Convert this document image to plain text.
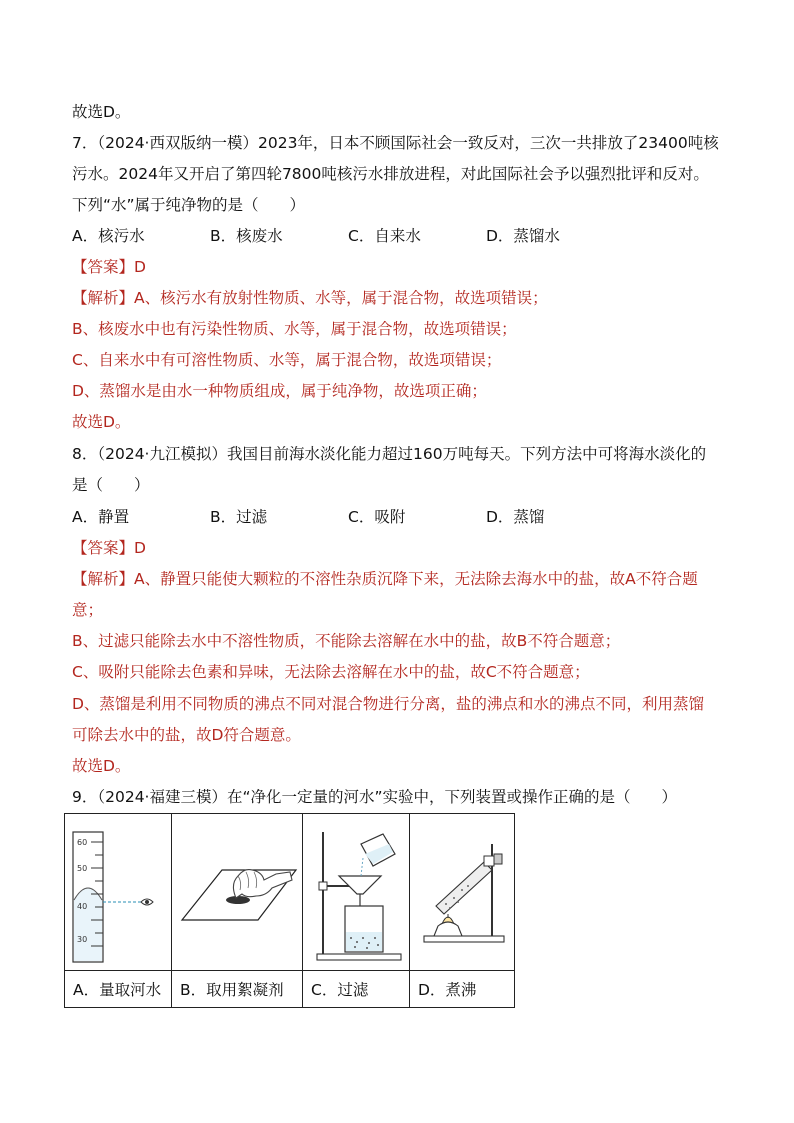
故选D。
7．（2024·西双版纳一模）2023年，日本不顾国际社会一致反对，三次一共排放了23400吨核
污水。2024年又开启了第四轮7800吨核污水排放进程，对此国际社会予以强烈批评和反对。
下列“水”属于纯净物的是（　　）
A．核污水	B．核废水	C．自来水	D．蒸馏水
【答案】D
【解析】A、核污水有放射性物质、水等，属于混合物，故选项错误；
B、核废水中也有污染性物质、水等，属于混合物，故选项错误；
C、自来水中有可溶性物质、水等，属于混合物，故选项错误；
D、蒸馏水是由水一种物质组成，属于纯净物，故选项正确；
故选D。
8．（2024·九江模拟）我国目前海水淡化能力超过160万吨每天。下列方法中可将海水淡化的
是（　　）
A．静置	B．过滤	C．吸附	D．蒸馏
【答案】D
【解析】A、静置只能使大颗粒的不溶性杂质沉降下来，无法除去海水中的盐，故A不符合题
意；
B、过滤只能除去水中不溶性物质，不能除去溶解在水中的盐，故B不符合题意；
C、吸附只能除去色素和异味，无法除去溶解在水中的盐，故C不符合题意；
D、蒸馏是利用不同物质的沸点不同对混合物进行分离，盐的沸点和水的沸点不同，利用蒸馏
可除去水中的盐，故D符合题意。
故选D。
9．（2024·福建三模）在“净化一定量的河水”实验中，下列装置或操作正确的是（　　）
60
50
40
30

A．量取河水	B．取用絮凝剂	C．过滤	D．煮沸
